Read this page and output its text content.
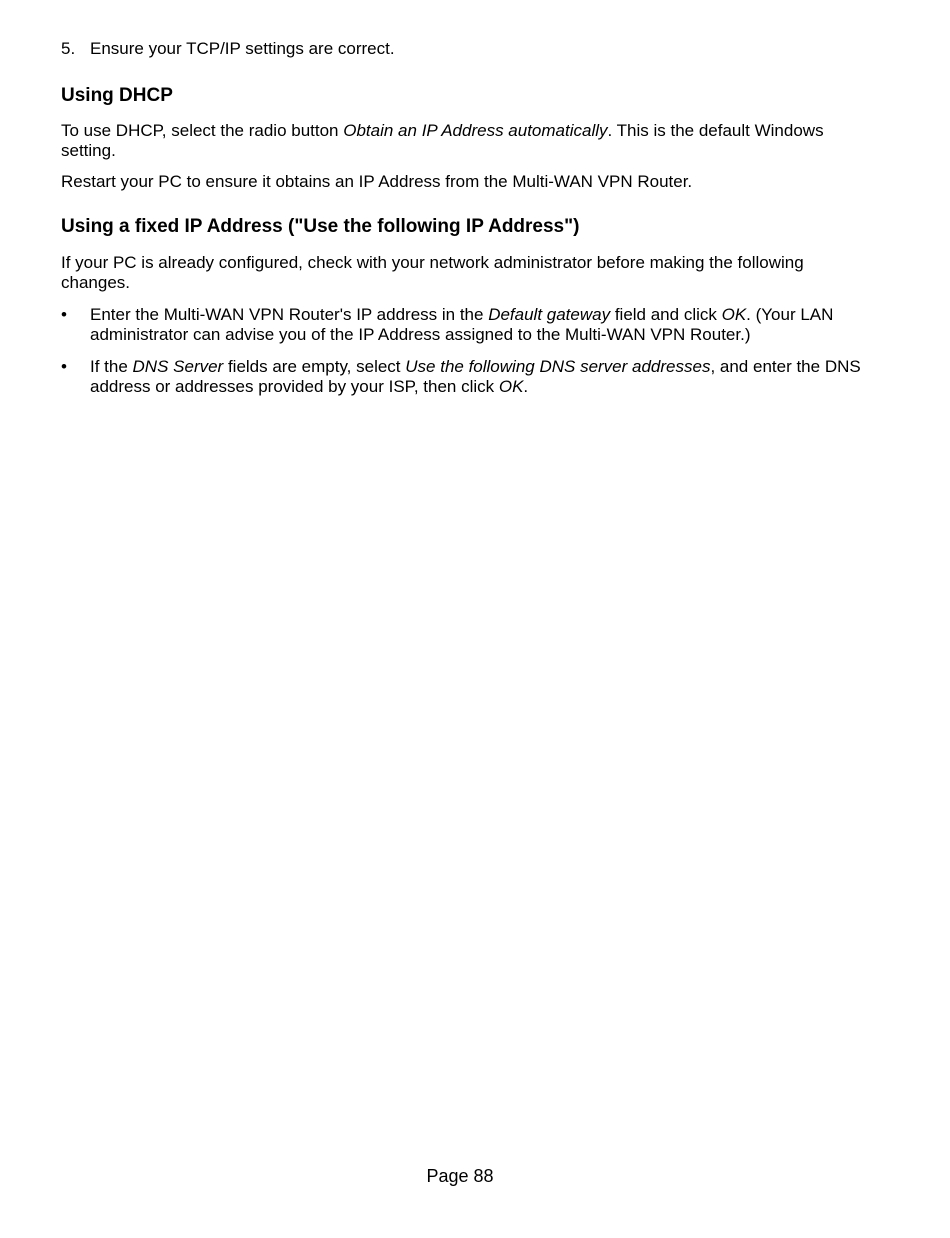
5. Ensure your TCP/IP settings are correct.
Using DHCP

To use DHCP, select the radio button Obtain an IP Address automatically. This is the default Windows setting.

Restart your PC to ensure it obtains an IP Address from the Multi-WAN VPN Router.

Using a fixed IP Address ("Use the following IP Address")

If your PC is already configured, check with your network administrator before making the following changes.

•	Enter the Multi-WAN VPN Router's IP address in the Default gateway field and click OK. (Your LAN administrator can advise you of the IP Address assigned to the Multi-WAN VPN Router.)
•	If the DNS Server fields are empty, select Use the following DNS server addresses, and enter the DNS address or addresses provided by your ISP, then click OK.
Page 88
